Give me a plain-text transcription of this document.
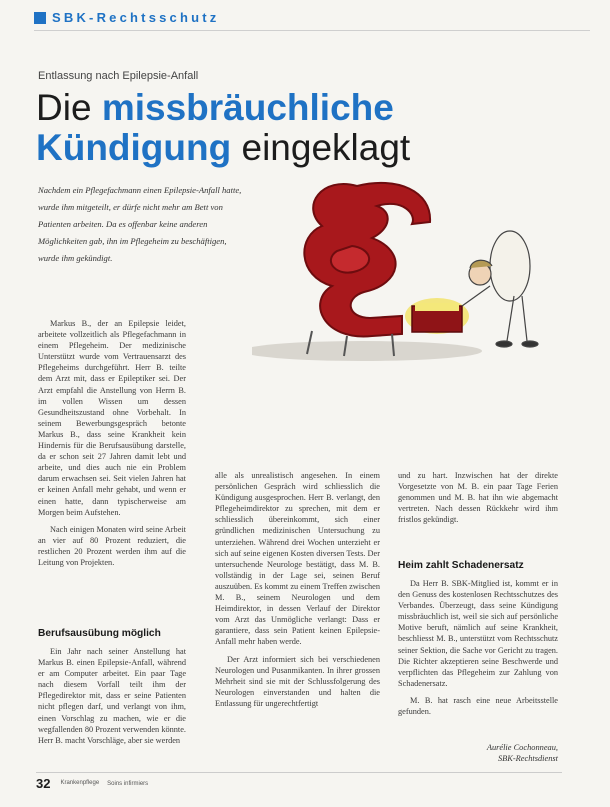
SBK-Rechtsschutz
Entlassung nach Epilepsie-Anfall
Die missbräuchliche
Kündigung eingeklagt
Nachdem ein Pflegefachmann einen Epilepsie-Anfall hatte, wurde ihm mitgeteilt, er dürfe nicht mehr am Bett von Patienten arbeiten. Da es offenbar keine anderen Möglichkeiten gab, ihn im Pflegeheim zu beschäftigen, wurde ihm gekündigt.

Markus B., der an Epilepsie leidet, arbeitete vollzeitlich als Pflegefachmann in einem Pflegeheim. Der medizinische Unterstützt wurde vom Vertrauensarzt des Pflegeheims durchgeführt. Herr B. teilte dem Arzt mit, dass er Epileptiker sei. Der Arzt empfahl die Anstellung von Herrn B. im vollen Wissen um dessen Gesundheitszustand ohne Vorbehalt. In seinem Bewerbungsgespräch betonte Markus B., dass seine Krankheit kein Hindernis für die Berufsausübung darstelle, da er schon seit 27 Jahren damit lebt und arbeite, und dies auch nie ein Problem darum erwachsen sei. Seit vielen Jahren hat er keinen Anfall mehr gehabt, und wenn er einen hatte, dann typischerweise am Morgen beim Aufstehen.

Nach einigen Monaten wird seine Arbeit an vier auf 80 Prozent reduziert, die restlichen 20 Prozent werden ihm auf die Leitung von Projekten.

Berufsausübung möglich

Ein Jahr nach seiner Anstellung hat Markus B. einen Epilepsie-Anfall, während er am Computer arbeitet. Ein paar Tage nach diesem Vorfall teilt ihm der Pflegedirektor mit, dass er seine Patienten nicht pflegen darf, und verlangt von ihm, einen Vorschlag zu machen, wie er die wegfallenden 80 Prozent verwenden könnte. Herr B. macht Vorschläge, aber sie werden

alle als unrealistisch angesehen. In einem persönlichen Gespräch wird schliesslich die Kündigung ausgesprochen. Herr B. verlangt, den Pflegeheimdirektor zu sprechen, mit dem er schliesslich übereinkommt, sich einer gründlichen medizinischen Untersuchung zu unterziehen. Während drei Wochen unterzieht er sich auf seine eigenen Kosten diversen Tests. Der untersuchende Neurologe bestätigt, dass M. B. vollständig in der Lage sei, seinen Beruf auszuüben. Es kommt zu einem Treffen zwischen M. B., seinem Neurologen und dem Heimdirektor, in dessen Verlauf der Direktor vom Arzt das Unmögliche verlangt: Dass er garantiere, dass sein Patient keinen Epilepsie-Anfall mehr haben werde.

Der Arzt informiert sich bei verschiedenen Neurologen und Pusanmikanten. In ihrer grossen Mehrheit sind sie mit der Schlussfolgerung des Neurologen einverstanden und halten die Entlassung für ungerechtfertigt

und zu hart. Inzwischen hat der direkte Vorgesetzte von M. B. ein paar Tage Ferien genommen und M. B. hat ihn wie abgemacht vertreten. Nach dessen Rückkehr wird ihm fristlos gekündigt.

Heim zahlt Schadenersatz

Da Herr B. SBK-Mitglied ist, kommt er in den Genuss des kostenlosen Rechtsschutzes des Verbandes. Überzeugt, dass seine Kündigung missbräuchlich ist, weil sie sich auf persönliche Motive beruft, nämlich auf seine Krankheit, beschliesst M. B., unterstützt vom Rechtsschutz seiner Sektion, die Sache vor Gericht zu tragen. Die Richter akzeptieren seine Beschwerde und verpflichten das Pflegeheim zur Zahlung von Schadenersatz.

M. B. hat rasch eine neue Arbeitsstelle gefunden.

Aurélie Cochonneau,
SBK-Rechtsdienst
32 Krankenpflege Soins infirmiers
